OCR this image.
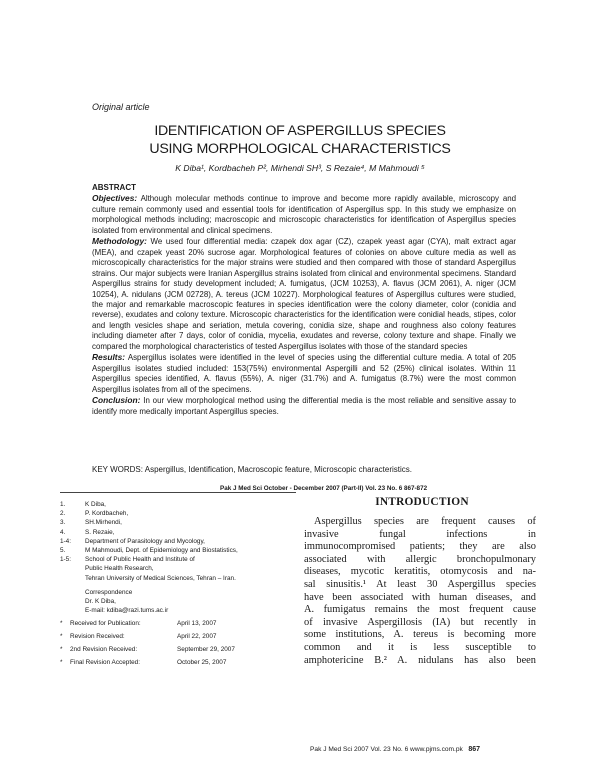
Original article
IDENTIFICATION OF ASPERGILLUS SPECIES
USING MORPHOLOGICAL CHARACTERISTICS
K Diba¹, Kordbacheh P², Mirhendi SH³, S Rezaie⁴, M Mahmoudi ⁵
ABSTRACT

Objectives: Although molecular methods continue to improve and become more rapidly available, microscopy and culture remain commonly used and essential tools for identification of Aspergillus spp. In this study we emphasize on morphological methods including; macroscopic and microscopic characteristics for identification of Aspergillus species isolated from environmental and clinical specimens.

Methodology: We used four differential media: czapek dox agar (CZ), czapek yeast agar (CYA), malt extract agar (MEA), and czapek yeast 20% sucrose agar. Morphological features of colonies on above culture media as well as microscopically characteristics for the major strains were studied and then compared with those of standard Aspergillus strains. Our major subjects were Iranian Aspergillus strains isolated from clinical and environmental specimens. Standard Aspergillus strains for study development included; A. fumigatus, (JCM 10253), A. flavus (JCM 2061), A. niger (JCM 10254), A. nidulans (JCM 02728), A. tereus (JCM 10227). Morphological features of Aspergillus cultures were studied, the major and remarkable macroscopic features in species identification were the colony diameter, color (conidia and reverse), exudates and colony texture. Microscopic characteristics for the identification were conidial heads, stipes, color and length vesicles shape and seriation, metula covering, conidia size, shape and roughness also colony features including diameter after 7 days, color of conidia, mycelia, exudates and reverse, colony texture and shape. Finally we compared the morphological characteristics of tested Aspergillus isolates with those of the standard species

Results: Aspergillus isolates were identified in the level of species using the differential culture media. A total of 205 Aspergillus isolates studied included: 153(75%) environmental Aspergilli and 52 (25%) clinical isolates. Within 11 Aspergillus species identified, A. flavus (55%), A. niger (31.7%) and A. fumigatus (8.7%) were the most common Aspergillus isolates from all of the specimens.

Conclusion: In our view morphological method using the differential media is the most reliable and sensitive assay to identify more medically important Aspergillus species.

KEY WORDS: Aspergillus, Identification, Macroscopic feature, Microscopic characteristics.
Pak J Med Sci October - December 2007 (Part-II) Vol. 23 No. 6 867-872
1.	K Diba,
2.	P. Kordbacheh,
3.	SH.Mirhendi,
4.	S. Rezaie,
1-4:	Department of Parasitology and Mycology,
5.	M Mahmoudi, Dept. of Epidemiology and Biostatistics,
1-5:	School of Public Health and Institute of
Public Health Research,
Tehran University of Medical Sciences, Tehran – Iran.
Correspondence
Dr. K Diba,
E-mail: kdiba@razi.tums.ac.ir
*	Received for Publication:	April 13, 2007
*	Revision Received:	April 22, 2007
*	2nd Revision Received:	September 29, 2007
*	Final Revision Accepted:	October 25, 2007
INTRODUCTION
Aspergillus species are frequent causes of
invasive fungal infections in
immunocompromised patients; they are also
associated with allergic bronchopulmonary
diseases, mycotic keratitis, otomycosis and na-
sal sinusitis.¹ At least 30 Aspergillus species
have been associated with human diseases, and
A. fumigatus remains the most frequent cause
of invasive Aspergillosis (IA) but recently in
some institutions, A. tereus is becoming more
common and it is less susceptible to
amphotericine B.² A. nidulans has also been
Pak J Med Sci 2007 Vol. 23 No. 6 www.pjms.com.pk 867
